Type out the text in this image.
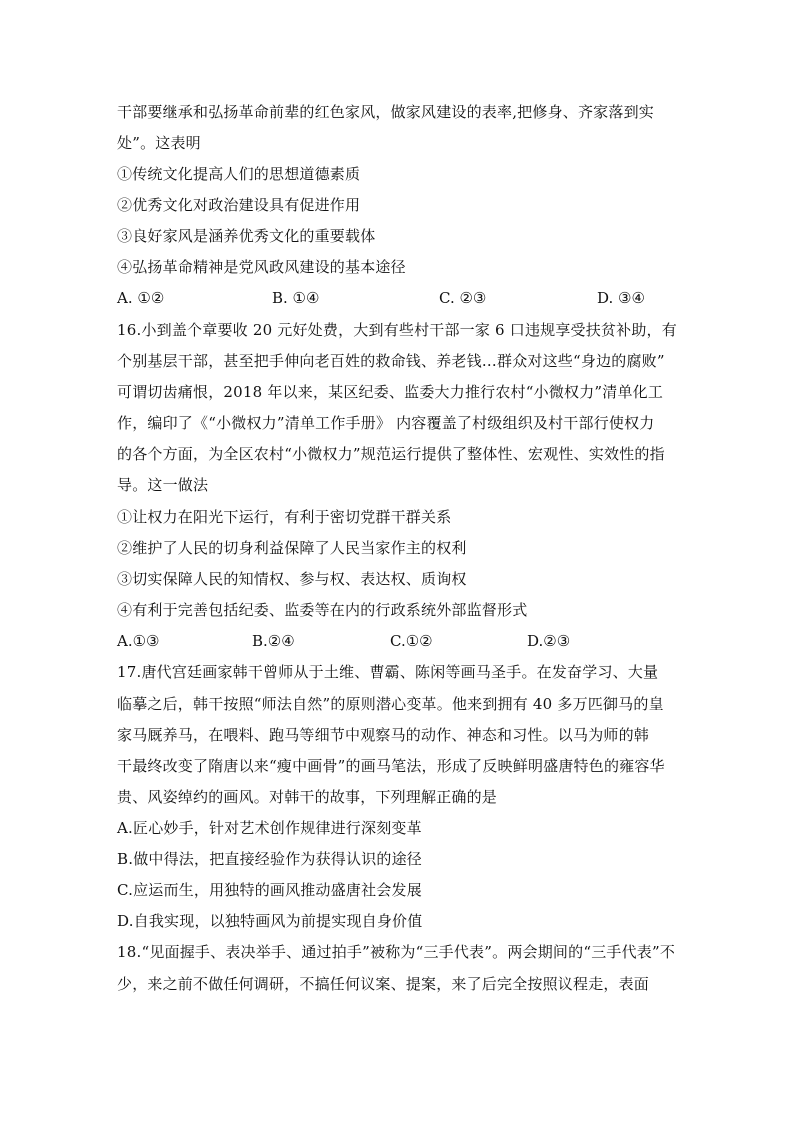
干部要继承和弘扬革命前辈的红色家风，做家风建设的表率,把修身、齐家落到实
处”。这表明
①传统文化提高人们的思想道德素质
②优秀文化对政治建设具有促进作用
③良好家风是涵养优秀文化的重要载体
④弘扬革命精神是党风政风建设的基本途径
A. ①②	B. ①④	C. ②③	D. ③④
16.小到盖个章要收 20 元好处费，大到有些村干部一家 6 口违规享受扶贫补助，有
个别基层干部，甚至把手伸向老百姓的救命钱、养老钱…群众对这些“身边的腐败”
可谓切齿痛恨，2018 年以来，某区纪委、监委大力推行农村“小微权力”清单化工
作，编印了《“小微权力”清单工作手册》 内容覆盖了村级组织及村干部行使权力
的各个方面，为全区农村“小微权力”规范运行提供了整体性、宏观性、实效性的指
导。这一做法
①让权力在阳光下运行，有利于密切党群干群关系
②维护了人民的切身利益保障了人民当家作主的权利
③切实保障人民的知情权、参与权、表达权、质询权
④有利于完善包括纪委、监委等在内的行政系统外部监督形式
A.①③	B.②④	C.①②	D.②③
17.唐代宫廷画家韩干曾师从于土维、曹霸、陈闲等画马圣手。在发奋学习、大量
临摹之后，韩干按照“师法自然”的原则潜心变革。他来到拥有 40 多万匹御马的皇
家马厩养马，在喂料、跑马等细节中观察马的动作、神态和习性。以马为师的韩
干最终改变了隋唐以来“瘦中画骨”的画马笔法，形成了反映鲜明盛唐特色的雍容华
贵、风姿绰约的画风。对韩干的故事，下列理解正确的是
A.匠心妙手，针对艺术创作规律进行深刻变革
B.做中得法，把直接经验作为获得认识的途径
C.应运而生，用独特的画风推动盛唐社会发展
D.自我实现，以独特画风为前提实现自身价值
18.“见面握手、表决举手、通过拍手”被称为“三手代表”。两会期间的“三手代表”不
少，来之前不做任何调研，不搞任何议案、提案，来了后完全按照议程走，表面
